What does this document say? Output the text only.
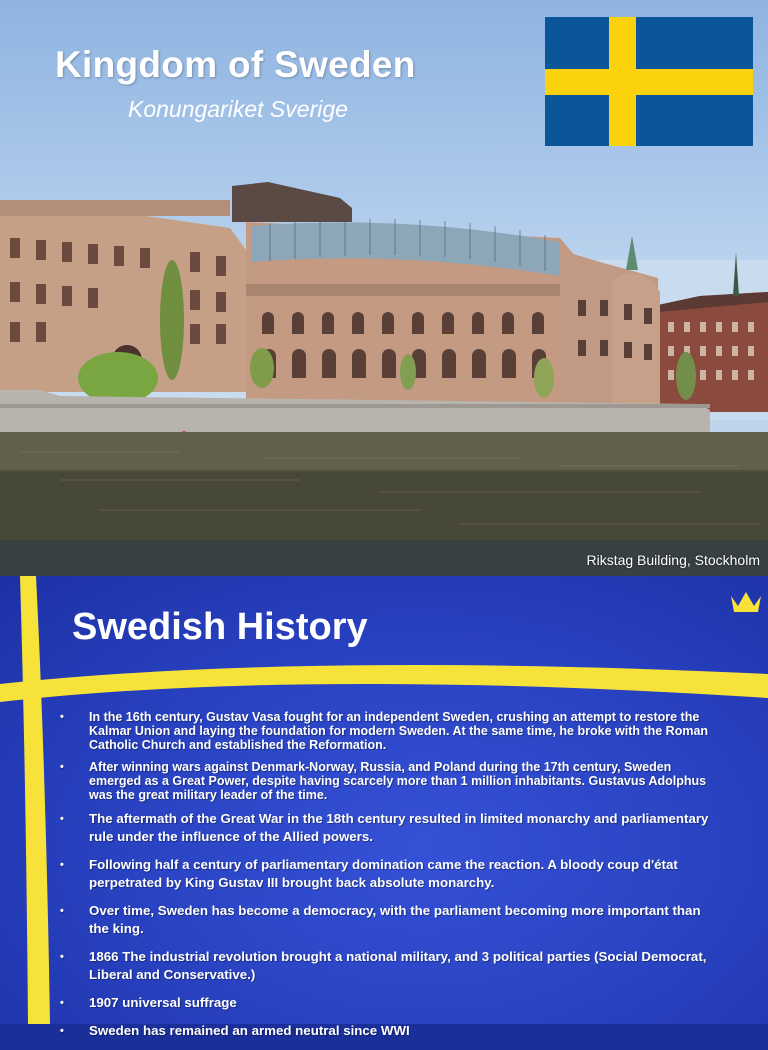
Kingdom of Sweden
Konungariket Sverige
Rikstag Building, Stockholm
Swedish History
• In the 16th century, Gustav Vasa fought for an independent Sweden, crushing an attempt to restore the Kalmar Union and laying the foundation for modern Sweden. At the same time, he broke with the Roman Catholic Church and established the Reformation.
• After winning wars against Denmark-Norway, Russia, and Poland during the 17th century, Sweden emerged as a Great Power, despite having scarcely more than 1 million inhabitants. Gustavus Adolphus was the great military leader of the time.
• The aftermath of the Great War in the 18th century resulted in limited monarchy and parliamentary rule under the influence of the Allied powers.
• Following half a century of parliamentary domination came the reaction. A bloody coup d'état perpetrated by King Gustav III brought back absolute monarchy.
• Over time, Sweden has become a democracy, with the parliament becoming more important than the king.
• 1866 The industrial revolution brought a national military, and 3 political parties (Social Democrat, Liberal and Conservative.)
• 1907 universal suffrage
• Sweden has remained an armed neutral since WWI
